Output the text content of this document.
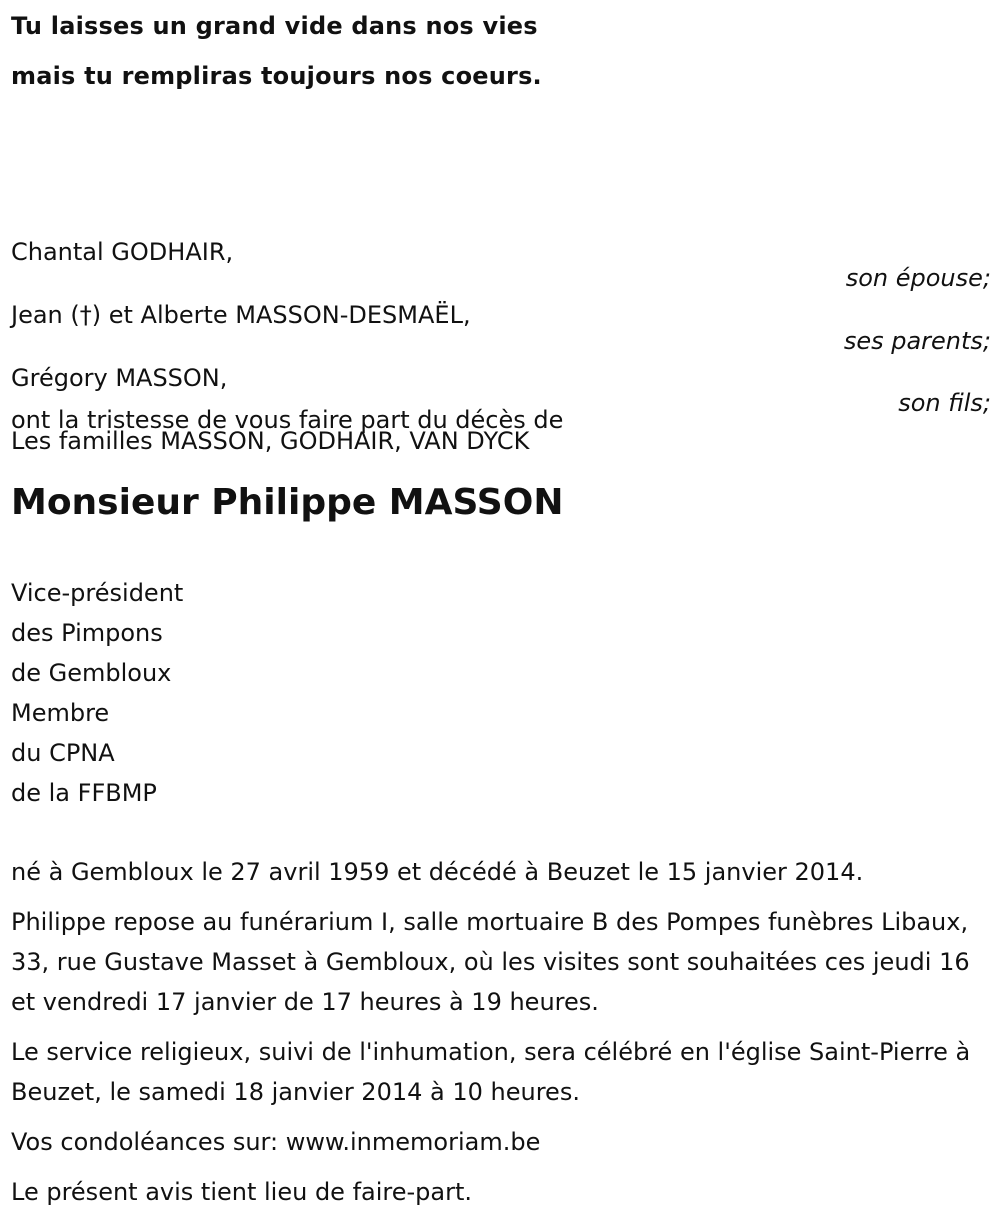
Tu laisses un grand vide dans nos vies
mais tu rempliras toujours nos coeurs.
Chantal GODHAIR,
son épouse;
Jean (†) et Alberte MASSON-DESMAËL,
ses parents;
Grégory MASSON,
son fils;
Les familles MASSON, GODHAIR, VAN DYCK
ont la tristesse de vous faire part du décès de
Monsieur Philippe MASSON
Vice-président
des Pimpons
de Gembloux
Membre
du CPNA
de la FFBMP

né à Gembloux le 27 avril 1959 et décédé à Beuzet le 15 janvier 2014.

Philippe repose au funérarium I, salle mortuaire B des Pompes funèbres Libaux, 33, rue Gustave Masset à Gembloux, où les visites sont souhaitées ces jeudi 16 et vendredi 17 janvier de 17 heures à 19 heures.

Le service religieux, suivi de l'inhumation, sera célébré en l'église Saint-Pierre à Beuzet, le samedi 18 janvier 2014 à 10 heures.

Vos condoléances sur: www.inmemoriam.be

Le présent avis tient lieu de faire-part.
